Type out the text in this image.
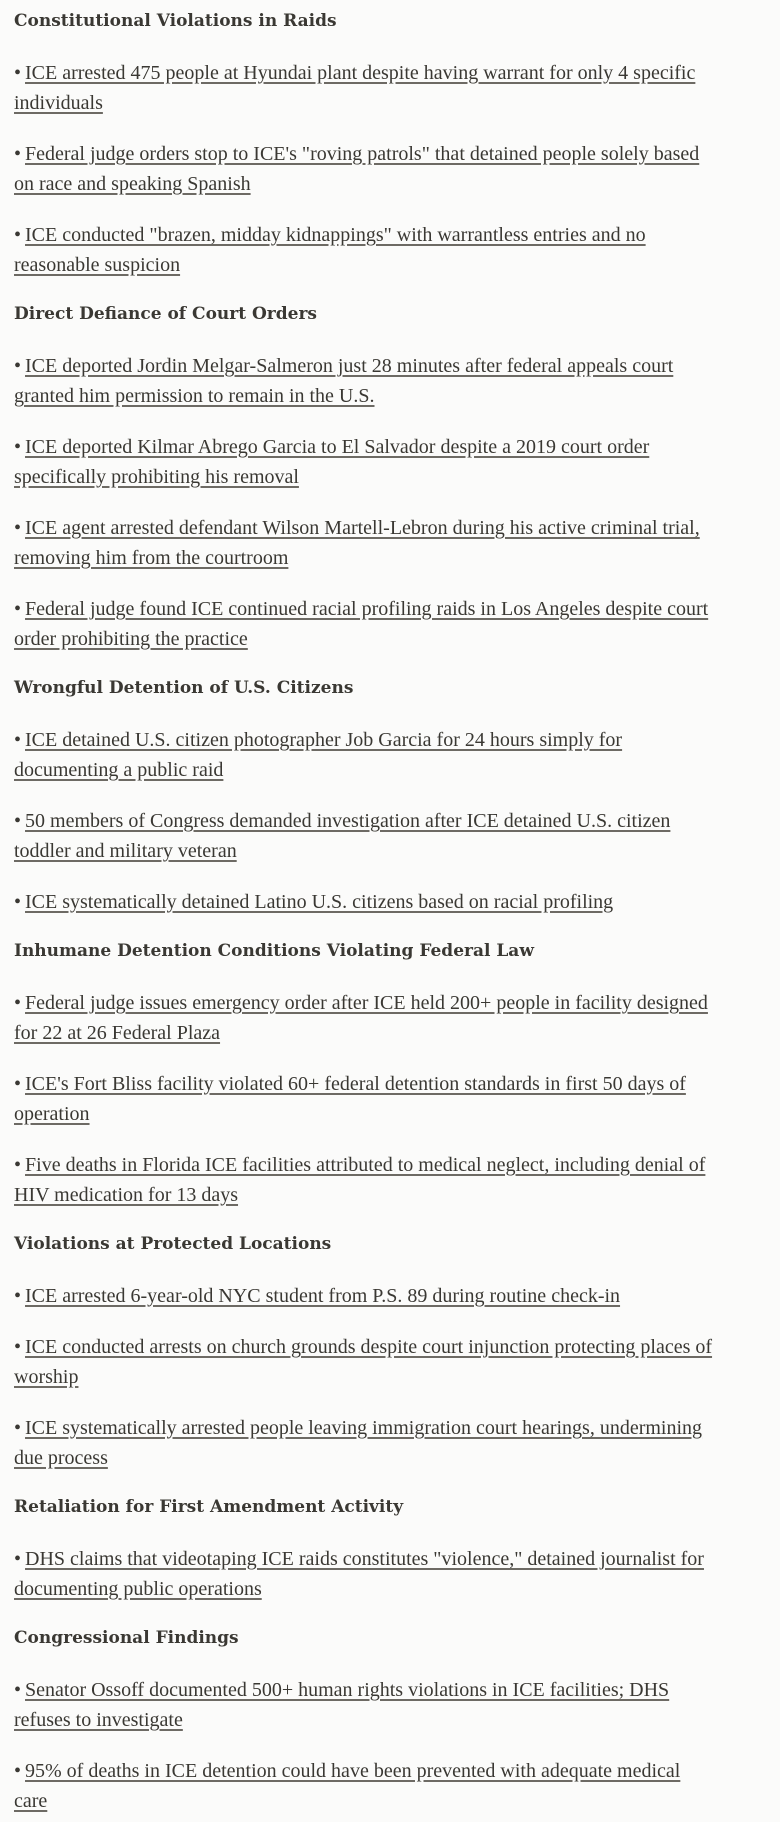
Constitutional Violations in Raids
• ICE arrested 475 people at Hyundai plant despite having warrant for only 4 specific individuals
• Federal judge orders stop to ICE's "roving patrols" that detained people solely based on race and speaking Spanish
• ICE conducted "brazen, midday kidnappings" with warrantless entries and no reasonable suspicion
Direct Defiance of Court Orders
• ICE deported Jordin Melgar-Salmeron just 28 minutes after federal appeals court granted him permission to remain in the U.S.
• ICE deported Kilmar Abrego Garcia to El Salvador despite a 2019 court order specifically prohibiting his removal
• ICE agent arrested defendant Wilson Martell-Lebron during his active criminal trial, removing him from the courtroom
• Federal judge found ICE continued racial profiling raids in Los Angeles despite court order prohibiting the practice
Wrongful Detention of U.S. Citizens
• ICE detained U.S. citizen photographer Job Garcia for 24 hours simply for documenting a public raid
• 50 members of Congress demanded investigation after ICE detained U.S. citizen toddler and military veteran
• ICE systematically detained Latino U.S. citizens based on racial profiling
Inhumane Detention Conditions Violating Federal Law
• Federal judge issues emergency order after ICE held 200+ people in facility designed for 22 at 26 Federal Plaza
• ICE's Fort Bliss facility violated 60+ federal detention standards in first 50 days of operation
• Five deaths in Florida ICE facilities attributed to medical neglect, including denial of HIV medication for 13 days
Violations at Protected Locations
• ICE arrested 6-year-old NYC student from P.S. 89 during routine check-in
• ICE conducted arrests on church grounds despite court injunction protecting places of worship
• ICE systematically arrested people leaving immigration court hearings, undermining due process
Retaliation for First Amendment Activity
• DHS claims that videotaping ICE raids constitutes "violence," detained journalist for documenting public operations
Congressional Findings
• Senator Ossoff documented 500+ human rights violations in ICE facilities; DHS refuses to investigate
• 95% of deaths in ICE detention could have been prevented with adequate medical care
